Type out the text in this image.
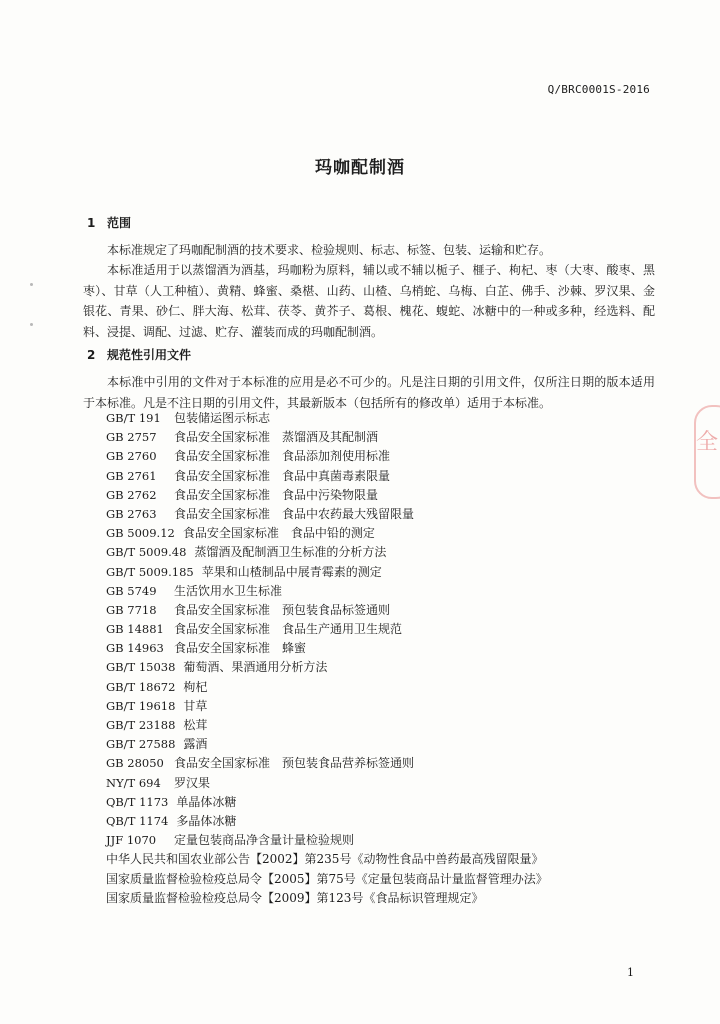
Q/BRC0001S-2016
玛咖配制酒
1 范围

本标准规定了玛咖配制酒的技术要求、检验规则、标志、标签、包装、运输和贮存。

本标准适用于以蒸馏酒为酒基，玛咖粉为原料，辅以或不辅以栀子、榧子、枸杞、枣（大枣、酸枣、黑枣）、甘草（人工种植）、黄精、蜂蜜、桑椹、山药、山楂、乌梢蛇、乌梅、白芷、佛手、沙棘、罗汉果、金银花、青果、砂仁、胖大海、松茸、茯苓、黄芥子、葛根、槐花、蝮蛇、冰糖中的一种或多种，经选料、配料、浸提、调配、过滤、贮存、灌装而成的玛咖配制酒。

2 规范性引用文件

本标准中引用的文件对于本标准的应用是必不可少的。凡是注日期的引用文件，仅所注日期的版本适用于本标准。凡是不注日期的引用文件，其最新版本（包括所有的修改单）适用于本标准。

GB/T 191 包装储运图示标志
GB 2757 食品安全国家标准　蒸馏酒及其配制酒
GB 2760 食品安全国家标准　食品添加剂使用标准
GB 2761 食品安全国家标准　食品中真菌毒素限量
GB 2762 食品安全国家标准　食品中污染物限量
GB 2763 食品安全国家标准　食品中农药最大残留限量
GB 5009.12 食品安全国家标准　食品中铅的测定
GB/T 5009.48 蒸馏酒及配制酒卫生标准的分析方法
GB/T 5009.185 苹果和山楂制品中展青霉素的测定
GB 5749 生活饮用水卫生标准
GB 7718 食品安全国家标准　预包装食品标签通则
GB 14881 食品安全国家标准　食品生产通用卫生规范
GB 14963 食品安全国家标准　蜂蜜
GB/T 15038 葡萄酒、果酒通用分析方法
GB/T 18672 枸杞
GB/T 19618 甘草
GB/T 23188 松茸
GB/T 27588 露酒
GB 28050 食品安全国家标准　预包装食品营养标签通则
NY/T 694 罗汉果
QB/T 1173 单晶体冰糖
QB/T 1174 多晶体冰糖
JJF 1070 定量包装商品净含量计量检验规则
中华人民共和国农业部公告【2002】第235号《动物性食品中兽药最高残留限量》
国家质量监督检验检疫总局令【2005】第75号《定量包装商品计量监督管理办法》
国家质量监督检验检疫总局令【2009】第123号《食品标识管理规定》
1
全
